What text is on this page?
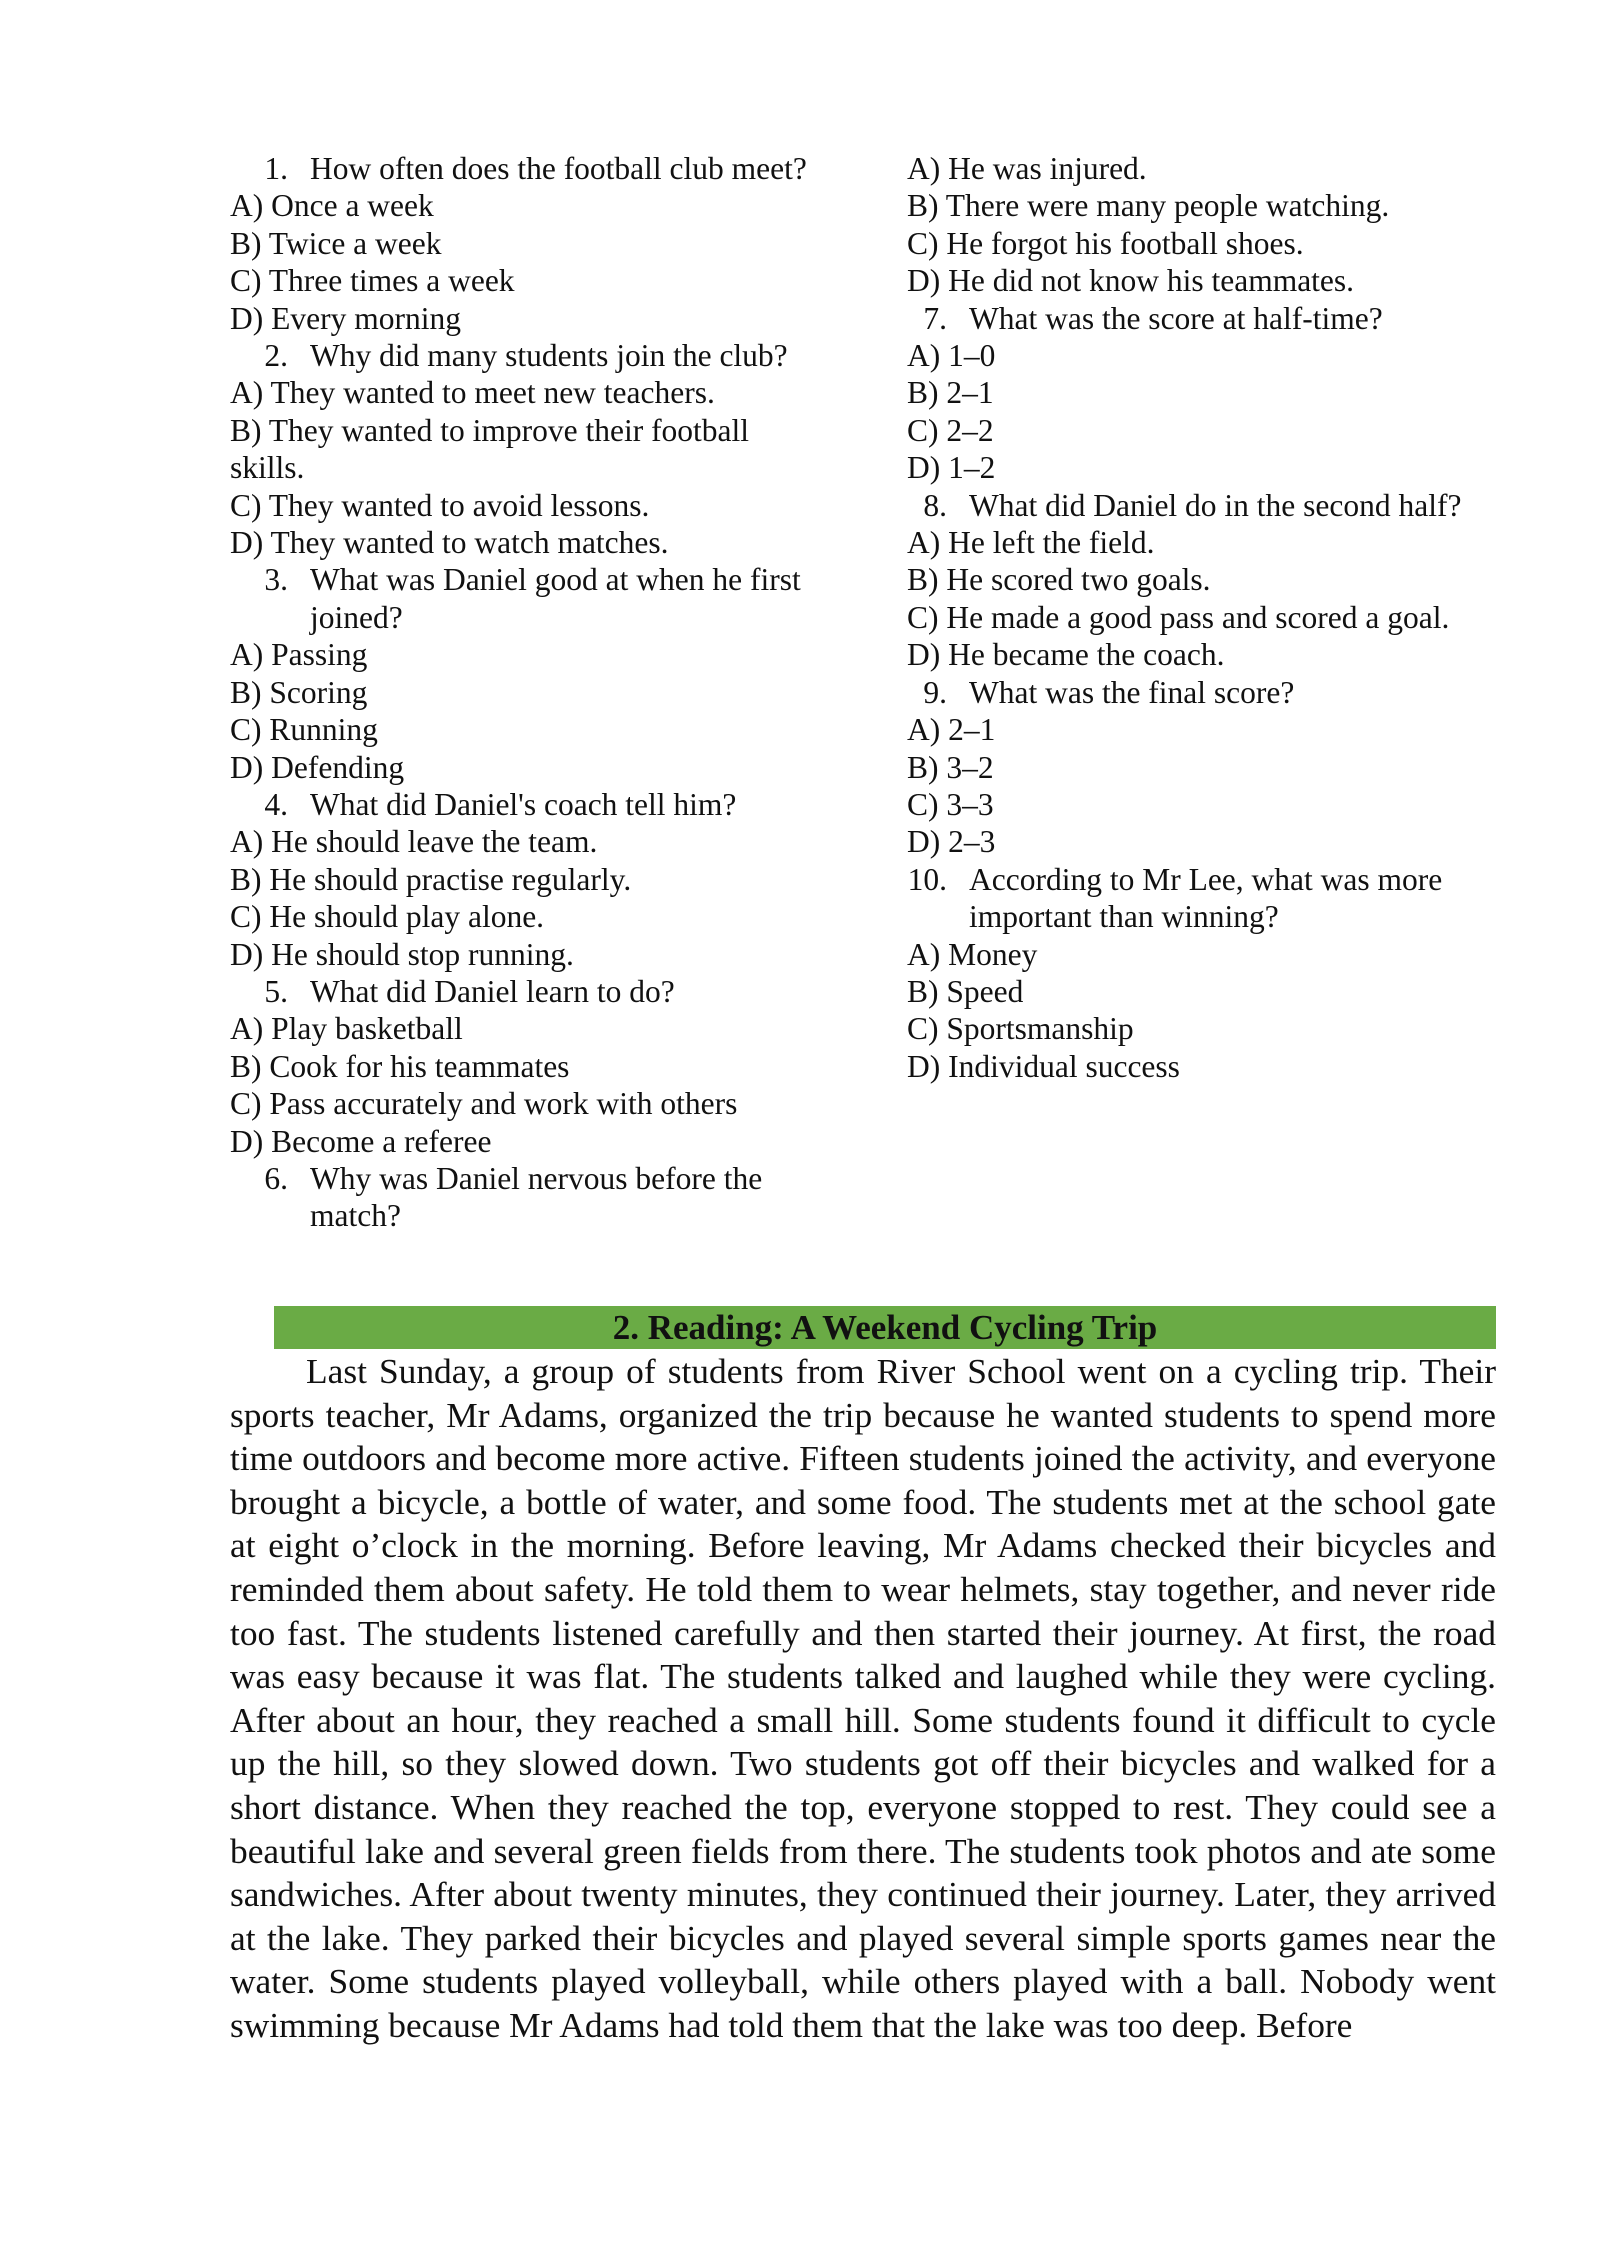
1. How often does the football club meet?
A) Once a week
B) Twice a week
C) Three times a week
D) Every morning
2. Why did many students join the club?
A) They wanted to meet new teachers.
B) They wanted to improve their football skills.
C) They wanted to avoid lessons.
D) They wanted to watch matches.
3. What was Daniel good at when he first joined?
A) Passing
B) Scoring
C) Running
D) Defending
4. What did Daniel's coach tell him?
A) He should leave the team.
B) He should practise regularly.
C) He should play alone.
D) He should stop running.
5. What did Daniel learn to do?
A) Play basketball
B) Cook for his teammates
C) Pass accurately and work with others
D) Become a referee
6. Why was Daniel nervous before the match?
A) He was injured.
B) There were many people watching.
C) He forgot his football shoes.
D) He did not know his teammates.
7. What was the score at half-time?
A) 1–0
B) 2–1
C) 2–2
D) 1–2
8. What did Daniel do in the second half?
A) He left the field.
B) He scored two goals.
C) He made a good pass and scored a goal.
D) He became the coach.
9. What was the final score?
A) 2–1
B) 3–2
C) 3–3
D) 2–3
10. According to Mr Lee, what was more important than winning?
A) Money
B) Speed
C) Sportsmanship
D) Individual success
2. Reading: A Weekend Cycling Trip

Last Sunday, a group of students from River School went on a cycling trip. Their sports teacher, Mr Adams, organized the trip because he wanted students to spend more time outdoors and become more active. Fifteen students joined the activity, and everyone brought a bicycle, a bottle of water, and some food. The students met at the school gate at eight o’clock in the morning. Before leaving, Mr Adams checked their bicycles and reminded them about safety. He told them to wear helmets, stay together, and never ride too fast. The students listened carefully and then started their journey. At first, the road was easy because it was flat. The students talked and laughed while they were cycling. After about an hour, they reached a small hill. Some students found it difficult to cycle up the hill, so they slowed down. Two students got off their bicycles and walked for a short distance. When they reached the top, everyone stopped to rest. They could see a beautiful lake and several green fields from there. The students took photos and ate some sandwiches. After about twenty minutes, they continued their journey. Later, they arrived at the lake. They parked their bicycles and played several simple sports games near the water. Some students played volleyball, while others played with a ball. Nobody went swimming because Mr Adams had told them that the lake was too deep. Before
